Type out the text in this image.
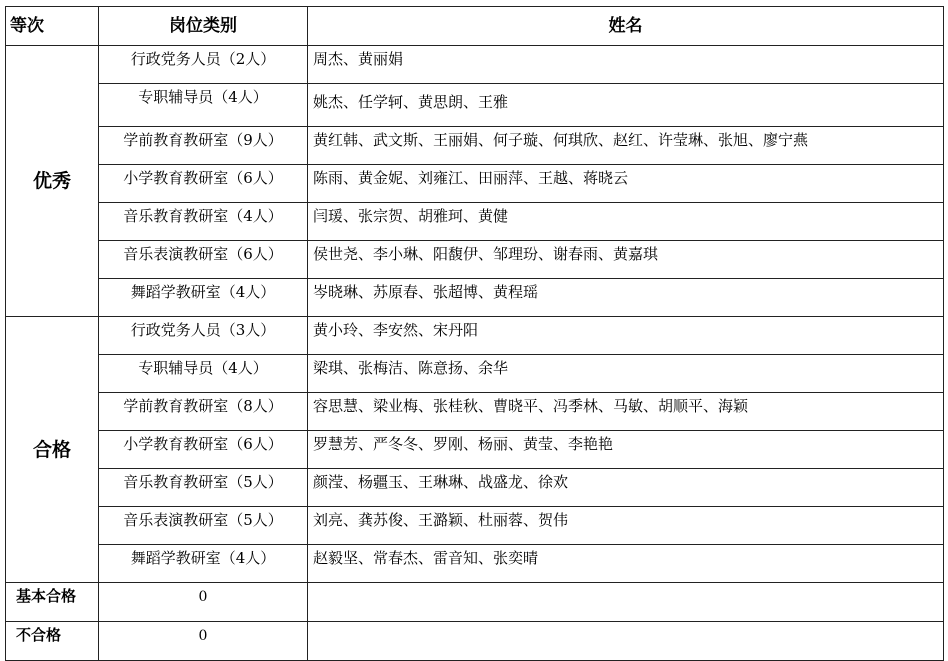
等次	岗位类别	姓名
优秀	行政党务人员（2人）	周杰、黄丽娟
	专职辅导员（4人）	姚杰、任学轲、黄思朗、王雅
	学前教育教研室（9人）	黄红韩、武文斯、王丽娟、何子璇、何琪欣、赵红、许莹琳、张旭、廖宁燕
	小学教育教研室（6人）	陈雨、黄金妮、刘雍江、田丽萍、王越、蒋晓云
	音乐教育教研室（4人）	闫瑗、张宗贺、胡雅珂、黄健
	音乐表演教研室（6人）	侯世尧、李小琳、阳馥伊、邹理玢、谢春雨、黄嘉琪
	舞蹈学教研室（4人）	岑晓琳、苏原春、张超博、黄程瑶
合格	行政党务人员（3人）	黄小玲、李安然、宋丹阳
	专职辅导员（4人）	梁琪、张梅洁、陈意扬、余华
	学前教育教研室（8人）	容思慧、梁业梅、张桂秋、曹晓平、冯季林、马敏、胡顺平、海颖
	小学教育教研室（6人）	罗慧芳、严冬冬、罗刚、杨丽、黄莹、李艳艳
	音乐教育教研室（5人）	颜滢、杨疆玉、王琳琳、战盛龙、徐欢
	音乐表演教研室（5人）	刘亮、龚苏俊、王潞颖、杜丽蓉、贺伟
	舞蹈学教研室（4人）	赵毅坚、常春杰、雷音知、张奕晴
基本合格	0	
不合格	0	
